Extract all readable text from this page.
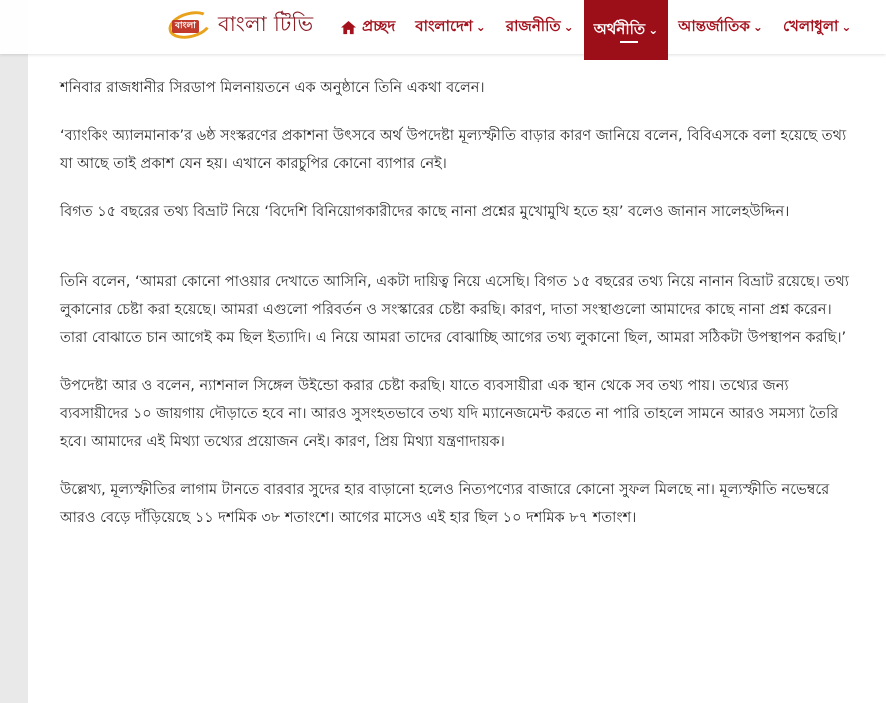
বাংলা বাংলা টিভি	প্রচ্ছদ বাংলাদেশ ⌄ রাজনীতি ⌄ অর্থনীতি ⌄ আন্তর্জাতিক ⌄ খেলাধুলা ⌄

শনিবার রাজধানীর সিরডাপ মিলনায়তনে এক অনুষ্ঠানে তিনি একথা বলেন।

‘ব্যাংকিং অ্যালমানাক’র ৬ষ্ঠ সংস্করণের প্রকাশনা উৎসবে অর্থ উপদেষ্টা মূল্যস্ফীতি বাড়ার কারণ জানিয়ে বলেন, বিবিএসকে বলা হয়েছে তথ্য যা আছে তাই প্রকাশ যেন হয়। এখানে কারচুপির কোনো ব্যাপার নেই।

বিগত ১৫ বছরের তথ্য বিভ্রাট নিয়ে ‘বিদেশি বিনিয়োগকারীদের কাছে নানা প্রশ্নের মুখোমুখি হতে হয়’ বলেও জানান সালেহউদ্দিন।

তিনি বলেন, ‘আমরা কোনো পাওয়ার দেখাতে আসিনি, একটা দায়িত্ব নিয়ে এসেছি। বিগত ১৫ বছরের তথ্য নিয়ে নানান বিভ্রাট রয়েছে। তথ্য লুকানোর চেষ্টা করা হয়েছে। আমরা এগুলো পরিবর্তন ও সংস্কারের চেষ্টা করছি। কারণ, দাতা সংস্থাগুলো আমাদের কাছে নানা প্রশ্ন করেন। তারা বোঝাতে চান আগেই কম ছিল ইত্যাদি। এ নিয়ে আমরা তাদের বোঝাচ্ছি আগের তথ্য লুকানো ছিল, আমরা সঠিকটা উপস্থাপন করছি।’

উপদেষ্টা আর ও বলেন, ন্যাশনাল সিঙ্গেল উইন্ডো করার চেষ্টা করছি। যাতে ব্যবসায়ীরা এক স্থান থেকে সব তথ্য পায়। তথ্যের জন্য ব্যবসায়ীদের ১০ জায়গায় দৌড়াতে হবে না। আরও সুসংহতভাবে তথ্য যদি ম্যানেজমেন্ট করতে না পারি তাহলে সামনে আরও সমস্যা তৈরি হবে। আমাদের এই মিথ্যা তথ্যের প্রয়োজন নেই। কারণ, প্রিয় মিথ্যা যন্ত্রণাদায়ক।

উল্লেখ্য, মূল্যস্ফীতির লাগাম টানতে বারবার সুদের হার বাড়ানো হলেও নিত্যপণ্যের বাজারে কোনো সুফল মিলছে না। মূল্যস্ফীতি নভেম্বরে আরও বেড়ে দাঁড়িয়েছে ১১ দশমিক ৩৮ শতাংশে। আগের মাসেও এই হার ছিল ১০ দশমিক ৮৭ শতাংশ।
